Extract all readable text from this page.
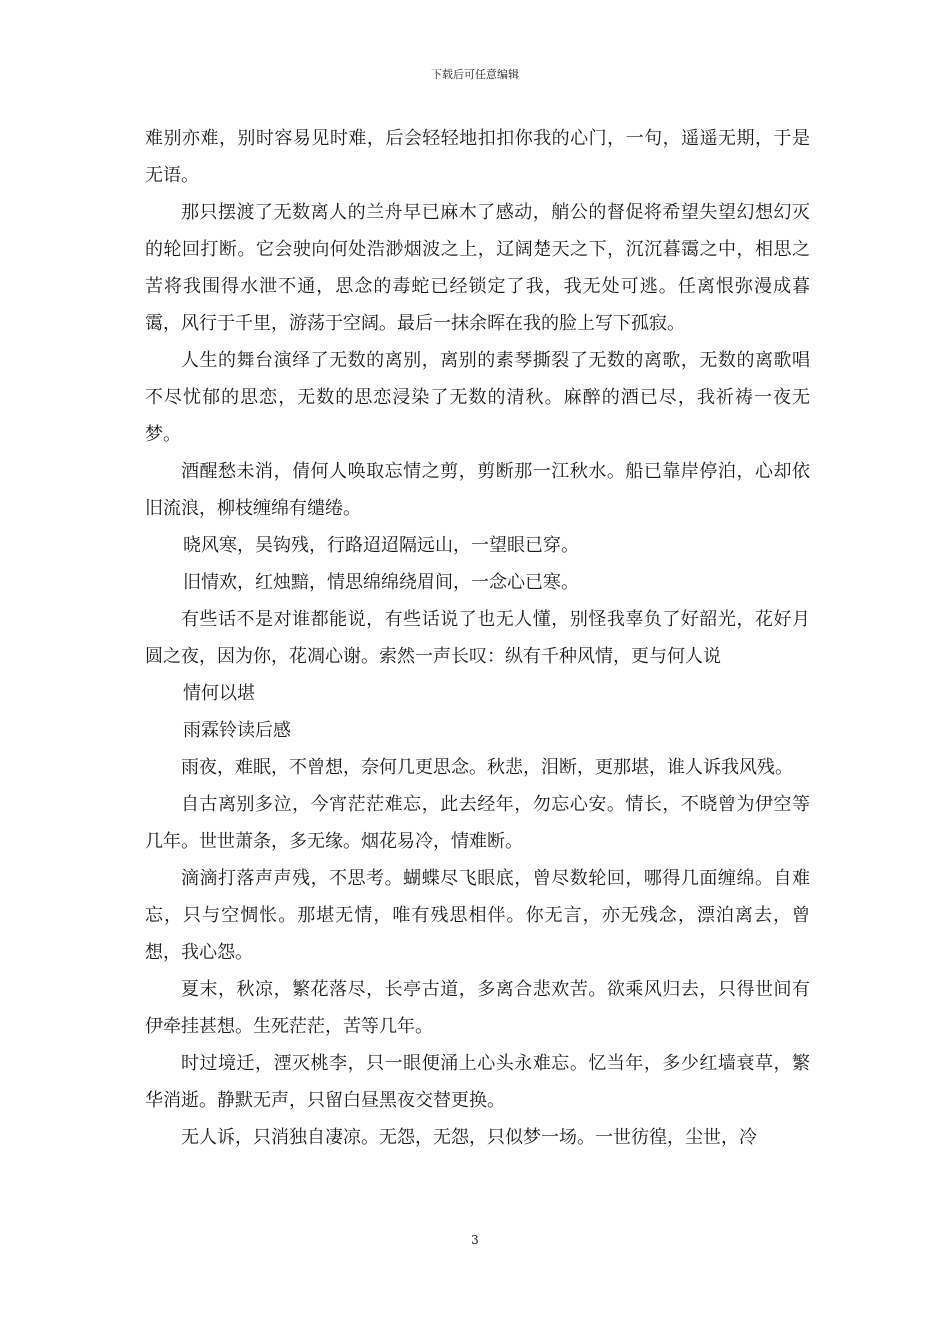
下载后可任意编辑

难别亦难，别时容易见时难，后会轻轻地扣扣你我的心门，一句，遥遥无期，于是无语。

那只摆渡了无数离人的兰舟早已麻木了感动，艄公的督促将希望失望幻想幻灭的轮回打断。它会驶向何处浩渺烟波之上，辽阔楚天之下，沉沉暮霭之中，相思之苦将我围得水泄不通，思念的毒蛇已经锁定了我，我无处可逃。任离恨弥漫成暮霭，风行于千里，游荡于空阔。最后一抹余晖在我的脸上写下孤寂。

人生的舞台演绎了无数的离别，离别的素琴撕裂了无数的离歌，无数的离歌唱不尽忧郁的思恋，无数的思恋浸染了无数的清秋。麻醉的酒已尽，我祈祷一夜无梦。

酒醒愁未消，倩何人唤取忘情之剪，剪断那一江秋水。船已靠岸停泊，心却依旧流浪，柳枝缠绵有缱绻。

晓风寒，吴钩残，行路迢迢隔远山，一望眼已穿。

旧情欢，红烛黯，情思绵绵绕眉间，一念心已寒。

有些话不是对谁都能说，有些话说了也无人懂，别怪我辜负了好韶光，花好月圆之夜，因为你，花凋心谢。索然一声长叹：纵有千种风情，更与何人说

情何以堪

雨霖铃读后感

雨夜，难眠，不曾想，奈何几更思念。秋悲，泪断，更那堪，谁人诉我风残。

自古离别多泣，今宵茫茫难忘，此去经年，勿忘心安。情长，不晓曾为伊空等几年。世世萧条，多无缘。烟花易冷，情难断。

滴滴打落声声残，不思考。蝴蝶尽飞眼底，曾尽数轮回，哪得几面缠绵。自难忘，只与空惆怅。那堪无情，唯有残思相伴。你无言，亦无残念，漂泊离去，曾想，我心怨。

夏末，秋凉，繁花落尽，长亭古道，多离合悲欢苦。欲乘风归去，只得世间有伊牵挂甚想。生死茫茫，苦等几年。

时过境迁，湮灭桃李，只一眼便涌上心头永难忘。忆当年，多少红墙衰草，繁华消逝。静默无声，只留白昼黑夜交替更换。

无人诉，只消独自凄凉。无怨，无怨，只似梦一场。一世彷徨，尘世，冷

3
